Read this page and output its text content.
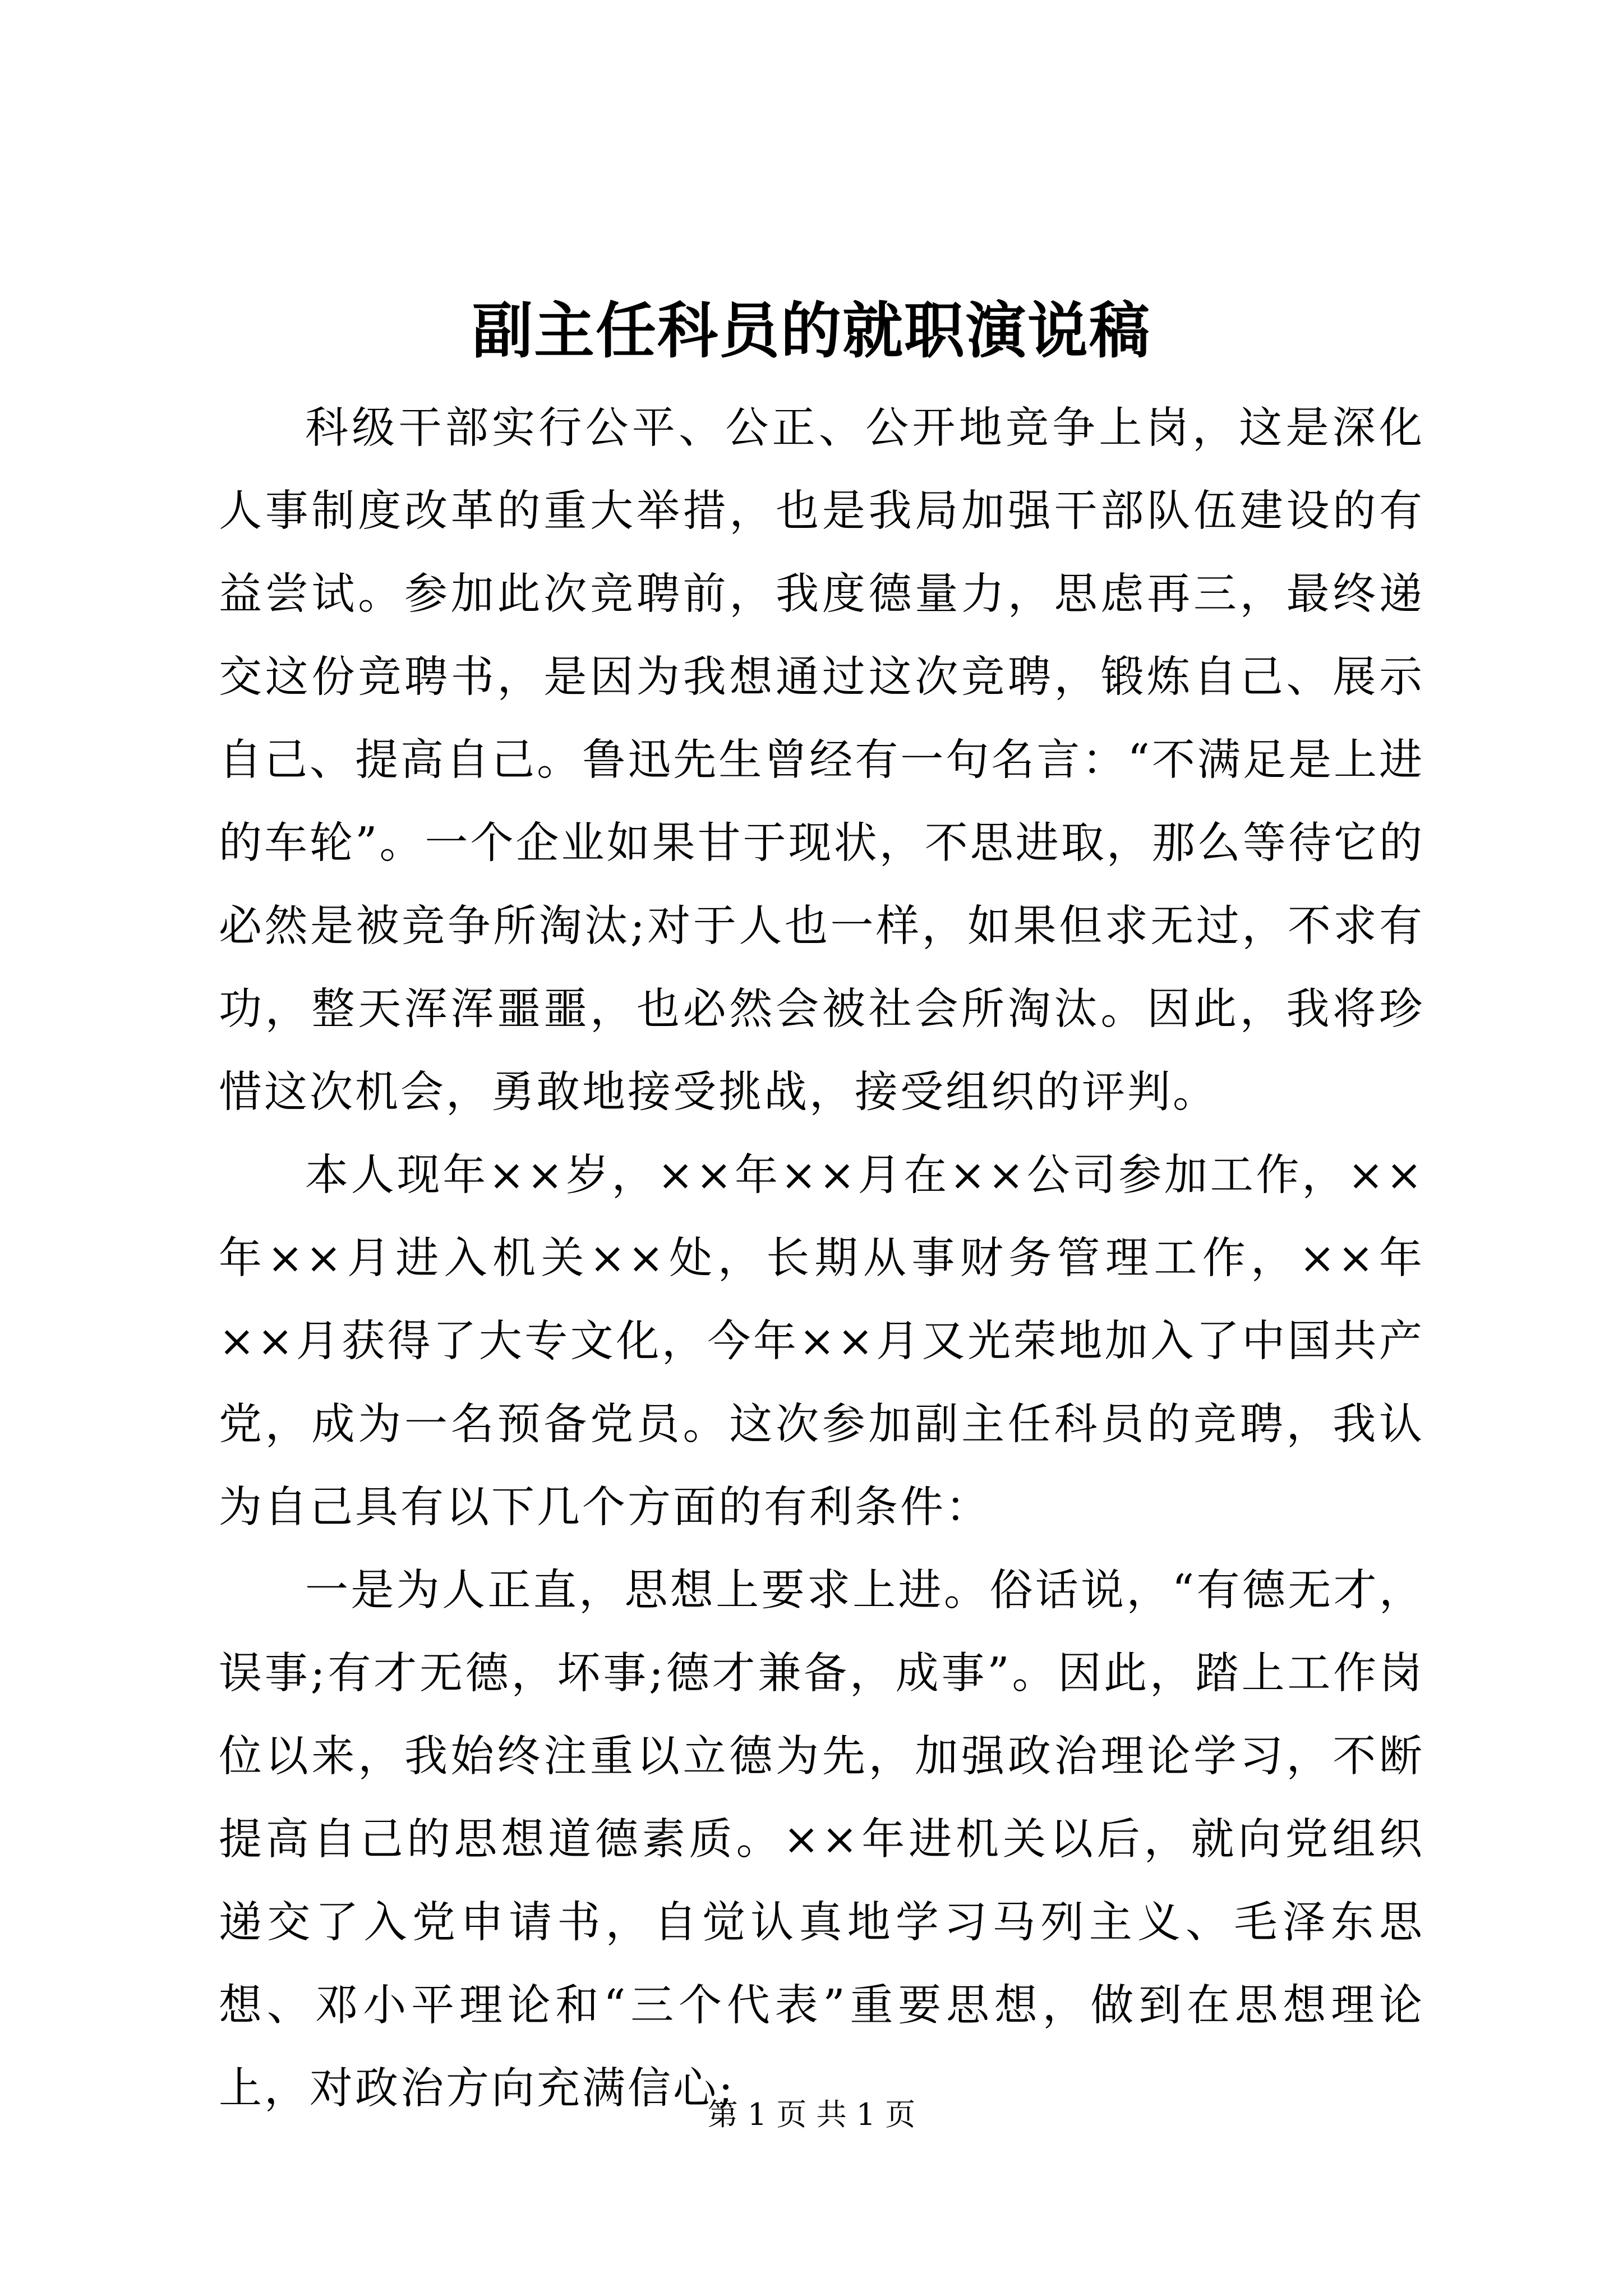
副主任科员的就职演说稿

科级干部实行公平、公正、公开地竞争上岗，这是深化人事制度改革的重大举措，也是我局加强干部队伍建设的有益尝试。参加此次竞聘前，我度德量力，思虑再三，最终递交这份竞聘书，是因为我想通过这次竞聘，锻炼自己、展示自己、提高自己。鲁迅先生曾经有一句名言：“不满足是上进的车轮”。一个企业如果甘于现状，不思进取，那么等待它的必然是被竞争所淘汰;对于人也一样，如果但求无过，不求有功，整天浑浑噩噩，也必然会被社会所淘汰。因此，我将珍惜这次机会，勇敢地接受挑战，接受组织的评判。

本人现年××岁，××年××月在××公司参加工作，××年××月进入机关××处，长期从事财务管理工作，××年××月获得了大专文化，今年××月又光荣地加入了中国共产党，成为一名预备党员。这次参加副主任科员的竞聘，我认为自己具有以下几个方面的有利条件：

一是为人正直，思想上要求上进。俗话说，“有德无才，误事;有才无德，坏事;德才兼备，成事”。因此，踏上工作岗位以来，我始终注重以立德为先，加强政治理论学习，不断提高自己的思想道德素质。××年进机关以后，就向党组织递交了入党申请书，自觉认真地学习马列主义、毛泽东思想、邓小平理论和“三个代表”重要思想，做到在思想理论上，对政治方向充满信心;

第 1 页 共 1 页
